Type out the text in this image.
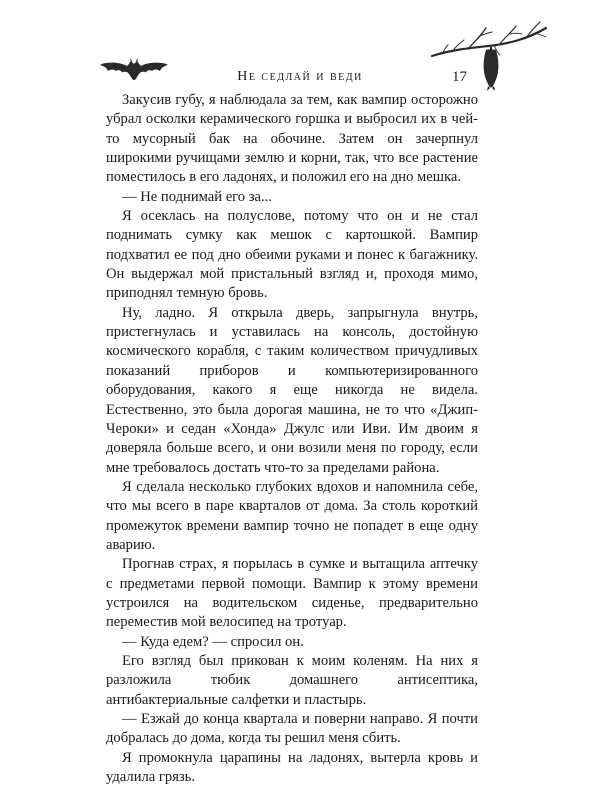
Не седлай и веди	17

Закусив губу, я наблюдала за тем, как вампир осторожно убрал осколки керамического горшка и выбросил их в чей-то мусорный бак на обочине. Затем он зачерпнул широкими ручищами землю и корни, так, что все растение поместилось в его ладонях, и положил его на дно мешка.

— Не поднимай его за...

Я осеклась на полуслове, потому что он и не стал поднимать сумку как мешок с картошкой. Вампир подхватил ее под дно обеими руками и понес к багажнику. Он выдержал мой пристальный взгляд и, проходя мимо, приподнял темную бровь.

Ну, ладно. Я открыла дверь, запрыгнула внутрь, пристегнулась и уставилась на консоль, достойную космического корабля, с таким количеством причудливых показаний приборов и компьютеризированного оборудования, какого я еще никогда не видела. Естественно, это была дорогая машина, не то что «Джип-Чероки» и седан «Хонда» Джулс или Иви. Им двоим я доверяла больше всего, и они возили меня по городу, если мне требовалось достать что-то за пределами района.

Я сделала несколько глубоких вдохов и напомнила себе, что мы всего в паре кварталов от дома. За столь короткий промежуток времени вампир точно не попадет в еще одну аварию.

Прогнав страх, я порылась в сумке и вытащила аптечку с предметами первой помощи. Вампир к этому времени устроился на водительском сиденье, предварительно переместив мой велосипед на тротуар.

— Куда едем? — спросил он.

Его взгляд был прикован к моим коленям. На них я разложила тюбик домашнего антисептика, антибактериальные салфетки и пластырь.

— Езжай до конца квартала и поверни направо. Я почти добралась до дома, когда ты решил меня сбить.

Я промокнула царапины на ладонях, вытерла кровь и удалила грязь.
